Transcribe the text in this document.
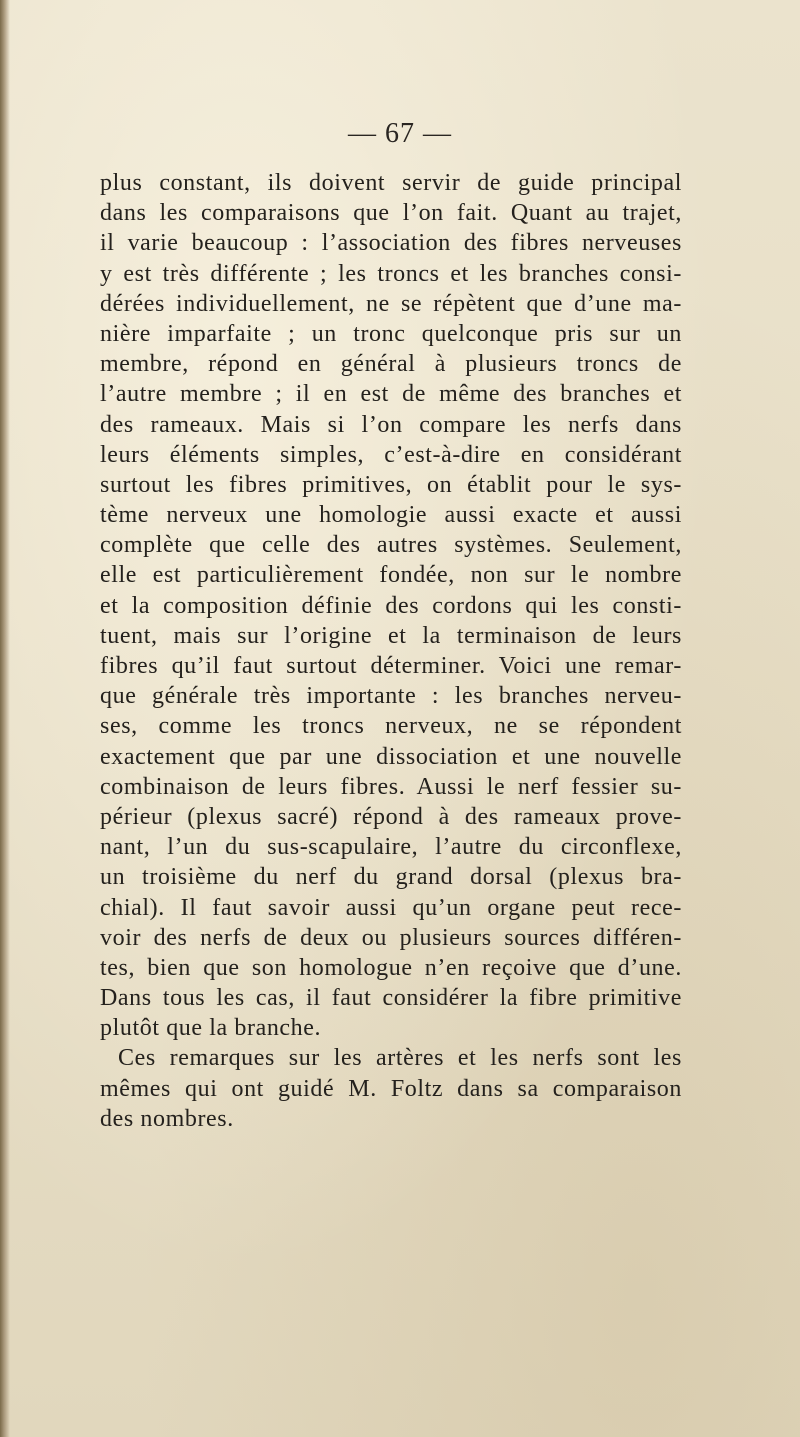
— 67 —
plus constant, ils doivent servir de guide principal
dans les comparaisons que l’on fait. Quant au trajet,
il varie beaucoup : l’association des fibres nerveuses
y est très différente ; les troncs et les branches consi-
dérées individuellement, ne se répètent que d’une ma-
nière imparfaite ; un tronc quelconque pris sur un
membre, répond en général à plusieurs troncs de
l’autre membre ; il en est de même des branches et
des rameaux. Mais si l’on compare les nerfs dans
leurs éléments simples, c’est-à-dire en considérant
surtout les fibres primitives, on établit pour le sys-
tème nerveux une homologie aussi exacte et aussi
complète que celle des autres systèmes. Seulement,
elle est particulièrement fondée, non sur le nombre
et la composition définie des cordons qui les consti-
tuent, mais sur l’origine et la terminaison de leurs
fibres qu’il faut surtout déterminer. Voici une remar-
que générale très importante : les branches nerveu-
ses, comme les troncs nerveux, ne se répondent
exactement que par une dissociation et une nouvelle
combinaison de leurs fibres. Aussi le nerf fessier su-
périeur (plexus sacré) répond à des rameaux prove-
nant, l’un du sus-scapulaire, l’autre du circonflexe,
un troisième du nerf du grand dorsal (plexus bra-
chial). Il faut savoir aussi qu’un organe peut rece-
voir des nerfs de deux ou plusieurs sources différen-
tes, bien que son homologue n’en reçoive que d’une.
Dans tous les cas, il faut considérer la fibre primitive
plutôt que la branche.
Ces remarques sur les artères et les nerfs sont les
mêmes qui ont guidé M. Foltz dans sa comparaison
des nombres.
